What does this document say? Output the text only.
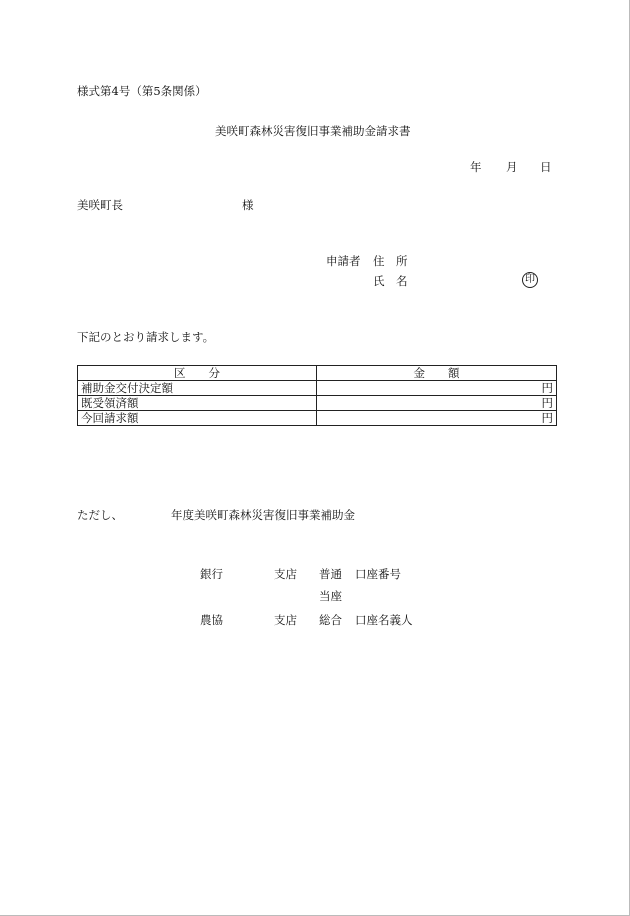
様式第4号（第5条関係）
美咲町森林災害復旧事業補助金請求書
年 月 日
美咲町長	様
申請者 住　所
氏　名	印
下記のとおり請求します。
区　　分	金　　額
補助金交付決定額	円
既受領済額	円
今回請求額	円
ただし、	年度美咲町森林災害復旧事業補助金
銀行	支店 普通 口座番号
当座
農協	支店 総合 口座名義人
